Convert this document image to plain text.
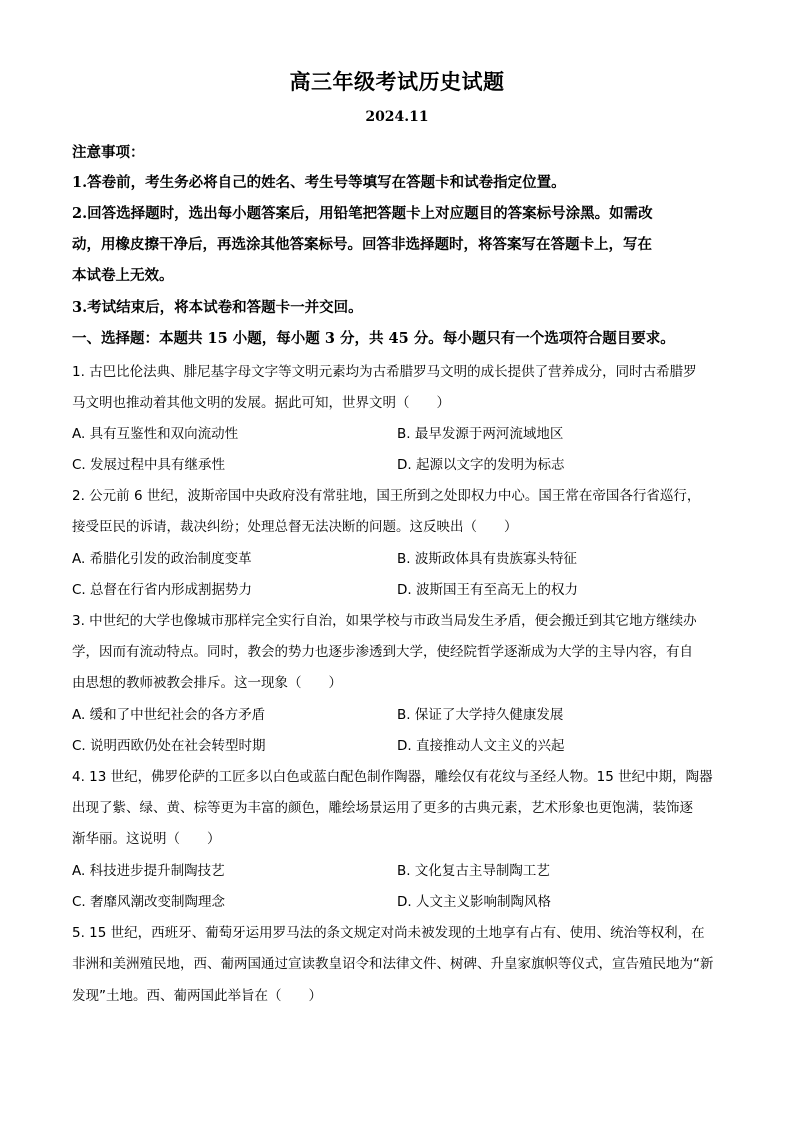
高三年级考试历史试题
2024.11
注意事项：
1.答卷前，考生务必将自己的姓名、考生号等填写在答题卡和试卷指定位置。
2.回答选择题时，选出每小题答案后，用铅笔把答题卡上对应题目的答案标号涂黑。如需改
动，用橡皮擦干净后，再选涂其他答案标号。回答非选择题时，将答案写在答题卡上，写在
本试卷上无效。
3.考试结束后，将本试卷和答题卡一并交回。
一、选择题：本题共 15 小题，每小题 3 分，共 45 分。每小题只有一个选项符合题目要求。
1. 古巴比伦法典、腓尼基字母文字等文明元素均为古希腊罗马文明的成长提供了营养成分，同时古希腊罗
马文明也推动着其他文明的发展。据此可知，世界文明（　　）
A. 具有互鉴性和双向流动性	B. 最早发源于两河流域地区
C. 发展过程中具有继承性	D. 起源以文字的发明为标志
2. 公元前 6 世纪，波斯帝国中央政府没有常驻地，国王所到之处即权力中心。国王常在帝国各行省巡行，
接受臣民的诉请，裁决纠纷；处理总督无法决断的问题。这反映出（　　）
A. 希腊化引发的政治制度变革	B. 波斯政体具有贵族寡头特征
C. 总督在行省内形成割据势力	D. 波斯国王有至高无上的权力
3. 中世纪的大学也像城市那样完全实行自治，如果学校与市政当局发生矛盾，便会搬迁到其它地方继续办
学，因而有流动特点。同时，教会的势力也逐步渗透到大学，使经院哲学逐渐成为大学的主导内容，有自
由思想的教师被教会排斥。这一现象（　　）
A. 缓和了中世纪社会的各方矛盾	B. 保证了大学持久健康发展
C. 说明西欧仍处在社会转型时期	D. 直接推动人文主义的兴起
4. 13 世纪，佛罗伦萨的工匠多以白色或蓝白配色制作陶器，雕绘仅有花纹与圣经人物。15 世纪中期，陶器
出现了紫、绿、黄、棕等更为丰富的颜色，雕绘场景运用了更多的古典元素，艺术形象也更饱满，装饰逐
渐华丽。这说明（　　）
A. 科技进步提升制陶技艺	B. 文化复古主导制陶工艺
C. 奢靡风潮改变制陶理念	D. 人文主义影响制陶风格
5. 15 世纪，西班牙、葡萄牙运用罗马法的条文规定对尚未被发现的土地享有占有、使用、统治等权利，在
非洲和美洲殖民地，西、葡两国通过宣读教皇诏令和法律文件、树碑、升皇家旗帜等仪式，宣告殖民地为“新
发现”土地。西、葡两国此举旨在（　　）
